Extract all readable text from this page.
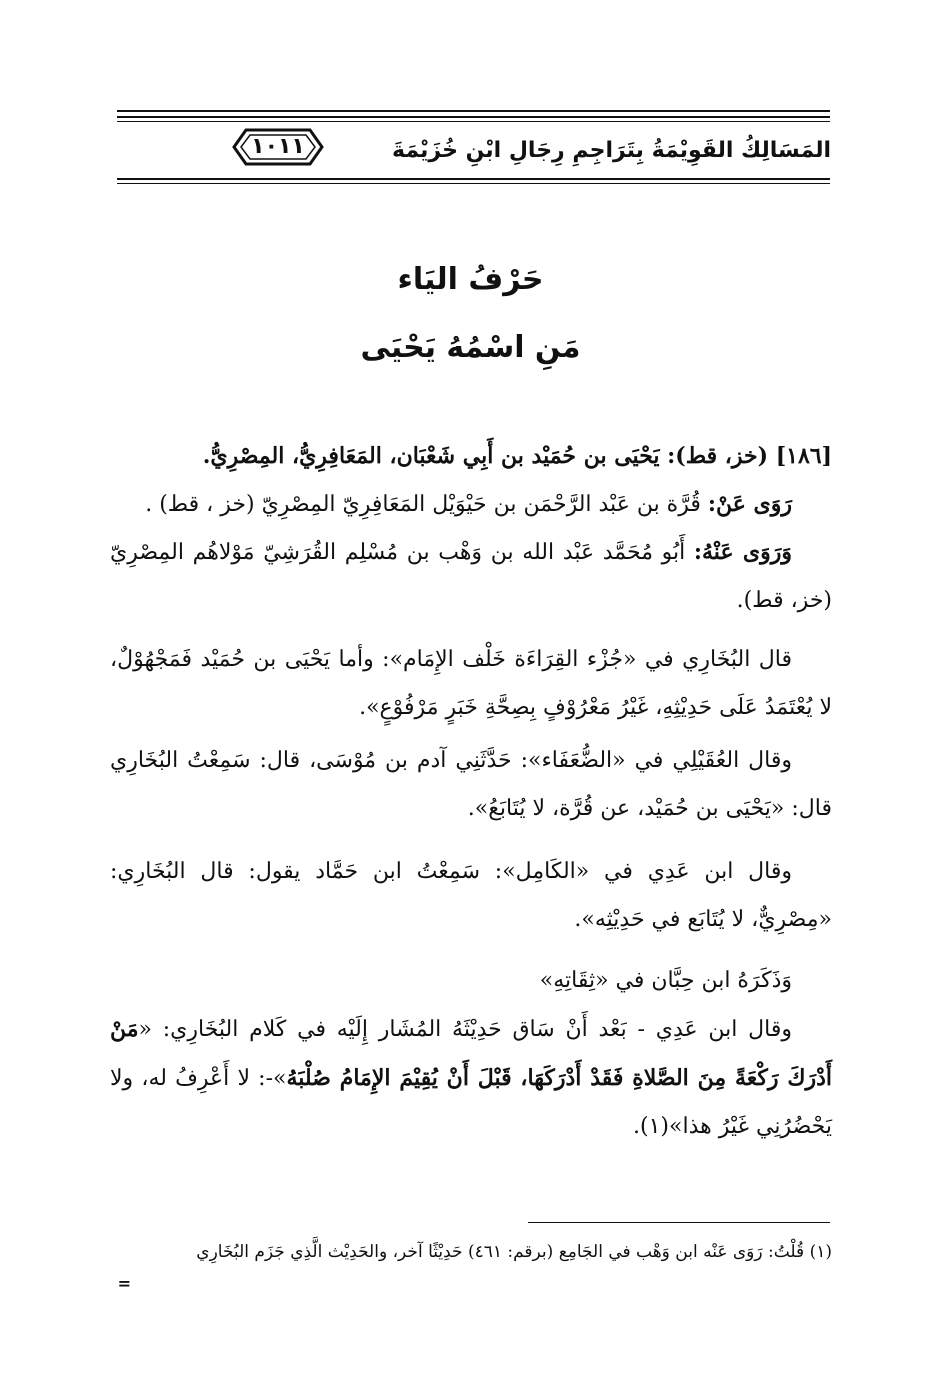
١٠١١	المَسَالِكُ القَوِيْمَةُ بِتَرَاجِمِ رِجَالِ ابْنِ خُزَيْمَةَ
حَرْفُ اليَاء
مَنِ اسْمُهُ يَحْيَى
[١٨٦] (خز، قط): يَحْيَى بن حُمَيْد بن أَبِي شَعْبَان، المَعَافِرِيُّ، المِصْرِيُّ.
رَوَى عَنْ: قُرَّة بن عَبْد الرَّحْمَن بن حَيْوَيْل المَعَافِرِيّ المِصْرِيّ (خز ، قط) .
وَرَوَى عَنْهُ: أَبُو مُحَمَّد عَبْد الله بن وَهْب بن مُسْلِم القُرَشِيّ مَوْلاهُم المِصْرِيّ (خز، قط).
قال البُخَارِي في «جُزْء القِرَاءَة خَلْف الإِمَام»: وأما يَحْيَى بن حُمَيْد فَمَجْهُوْلٌ، لا يُعْتَمَدُ عَلَى حَدِيْثِهِ، غَيْرُ مَعْرُوْفٍ بِصِحَّةِ خَبَرٍ مَرْفُوْعٍ».
وقال العُقَيْلِي في «الضُّعَفَاء»: حَدَّثَنِي آدم بن مُوْسَى، قال: سَمِعْتُ البُخَارِي قال: «يَحْيَى بن حُمَيْد، عن قُرَّة، لا يُتَابَعُ».
وقال ابن عَدِي في «الكَامِل»: سَمِعْتُ ابن حَمَّاد يقول: قال البُخَارِي: «مِصْرِيٌّ، لا يُتَابَع في حَدِيْثِه».
وَذَكَرَهُ ابن حِبَّان في «ثِقَاتِهِ»
وقال ابن عَدِي - بَعْد أَنْ سَاق حَدِيْثَهُ المُشَار إِلَيْه في كَلام البُخَارِي: «مَنْ أَدْرَكَ رَكْعَةً مِنَ الصَّلاةِ فَقَدْ أَدْرَكَهَا، قَبْلَ أَنْ يُقِيْمَ الإِمَامُ صُلْبَهُ»-: لا أَعْرِفُ له، ولا يَحْضُرُنِي غَيْرُ هذا»(١).
(١) قُلْتُ: رَوَى عَنْه ابن وَهْب في الجَامِع (برقم: ٤٦١) حَدِيْثًا آخر، والحَدِيْث الَّذِي جَزَم البُخَارِي
=
